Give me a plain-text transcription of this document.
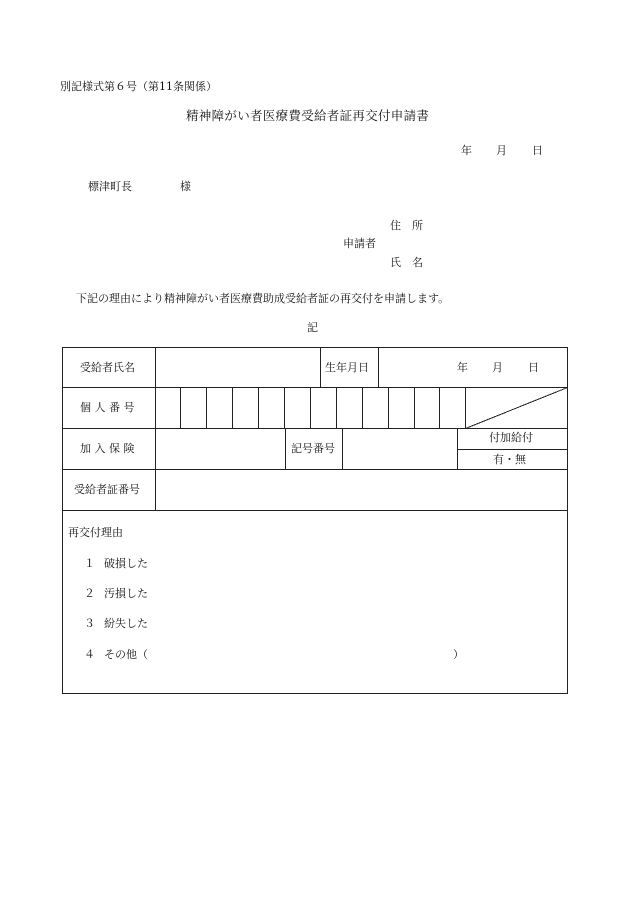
別記様式第６号（第11条関係）
精神障がい者医療費受給者証再交付申請書
年 月 日
標津町長	様
住　所
申請者
氏　名
下記の理由により精神障がい者医療費助成受給者証の再交付を申請します。
記
受給者氏名	生年月日	年 月 日
個 人 番 号
加 入 保 険	記号番号
付加給付
有・無
受給者証番号
再交付理由
１ 破損した
２ 汚損した
３ 紛失した
４ その他（	）
